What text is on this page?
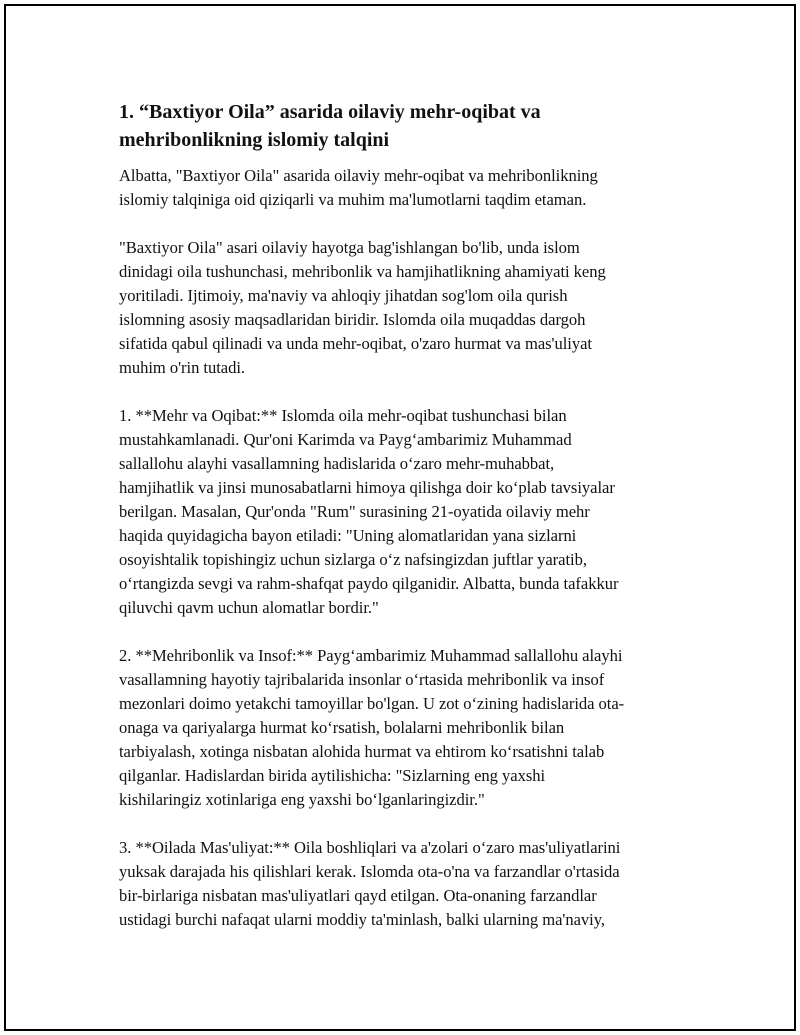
1. “Baxtiyor Oila” asarida oilaviy mehr-oqibat va
mehribonlikning islomiy talqini

Albatta, "Baxtiyor Oila" asarida oilaviy mehr-oqibat va mehribonlikning
islomiy talqiniga oid qiziqarli va muhim ma'lumotlarni taqdim etaman.

"Baxtiyor Oila" asari oilaviy hayotga bag'ishlangan bo'lib, unda islom
dinidagi oila tushunchasi, mehribonlik va hamjihatlikning ahamiyati keng
yoritiladi. Ijtimoiy, ma'naviy va ahloqiy jihatdan sog'lom oila qurish
islomning asosiy maqsadlaridan biridir. Islomda oila muqaddas dargoh
sifatida qabul qilinadi va unda mehr-oqibat, o'zaro hurmat va mas'uliyat
muhim o'rin tutadi.

1. **Mehr va Oqibat:** Islomda oila mehr-oqibat tushunchasi bilan
mustahkamlanadi. Qur'oni Karimda va Payg‘ambarimiz Muhammad
sallallohu alayhi vasallamning hadislarida o‘zaro mehr-muhabbat,
hamjihatlik va jinsi munosabatlarni himoya qilishga doir ko‘plab tavsiyalar
berilgan. Masalan, Qur'onda "Rum" surasining 21-oyatida oilaviy mehr
haqida quyidagicha bayon etiladi: "Uning alomatlaridan yana sizlarni
osoyishtalik topishingiz uchun sizlarga o‘z nafsingizdan juftlar yaratib,
o‘rtangizda sevgi va rahm-shafqat paydo qilganidir. Albatta, bunda tafakkur
qiluvchi qavm uchun alomatlar bordir."

2. **Mehribonlik va Insof:** Payg‘ambarimiz Muhammad sallallohu alayhi
vasallamning hayotiy tajribalarida insonlar o‘rtasida mehribonlik va insof
mezonlari doimo yetakchi tamoyillar bo'lgan. U zot o‘zining hadislarida ota-
onaga va qariyalarga hurmat ko‘rsatish, bolalarni mehribonlik bilan
tarbiyalash, xotinga nisbatan alohida hurmat va ehtirom ko‘rsatishni talab
qilganlar. Hadislardan birida aytilishicha: "Sizlarning eng yaxshi
kishilaringiz xotinlariga eng yaxshi bo‘lganlaringizdir."

3. **Oilada Mas'uliyat:** Oila boshliqlari va a'zolari o‘zaro mas'uliyatlarini
yuksak darajada his qilishlari kerak. Islomda ota-o'na va farzandlar o'rtasida
bir-birlariga nisbatan mas'uliyatlari qayd etilgan. Ota-onaning farzandlar
ustidagi burchi nafaqat ularni moddiy ta'minlash, balki ularning ma'naviy,
